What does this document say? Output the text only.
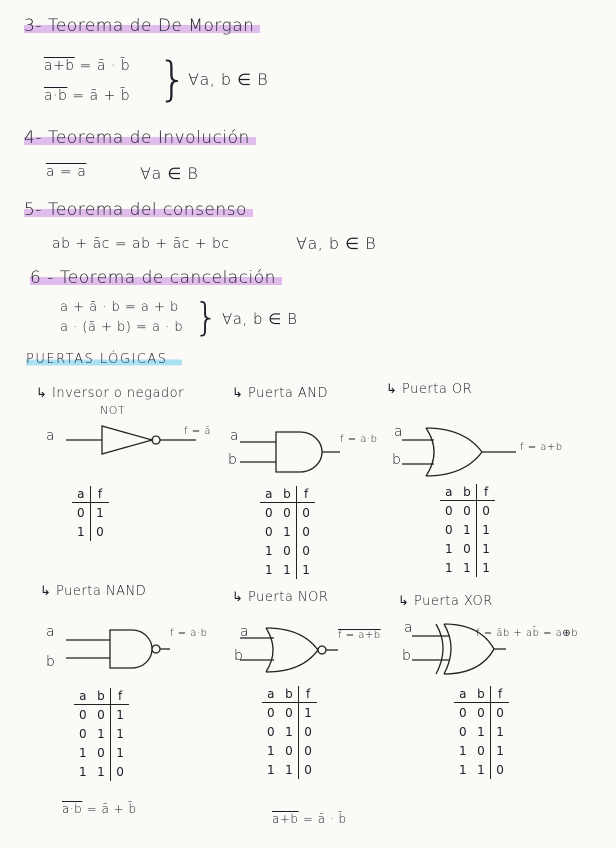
3- Teorema de De Morgan
a+b = ā · b̄
a·b = ā + b̄ } ∀a, b ∈ B
4- Teorema de Involución
a = a	∀a ∈ B
5- Teorema del consenso
ab + āc = ab + āc + bc	∀a, b ∈ B
6 - Teorema de cancelación
a + ā · b = a + b
a · (ā + b) = a · b } ∀a, b ∈ B
PUERTAS LÓGICAS
↳ Inversor o negador
NOT
a	f = ā
a	f
0	1
1	0
↳ Puerta AND
a
b
f = a·b
a	b	f
0	0	0
0	1	0
1	0	0
1	1	1
↳ Puerta OR
a
b
f = a+b
a	b	f
0	0	0
0	1	1
1	0	1
1	1	1
↳ Puerta NAND
a
b
f = a·b
a	b	f
0	0	1
0	1	1
1	0	1
1	1	0
a·b = ā + b̄
↳ Puerta NOR
a
b
f = a+b
a	b	f
0	0	1
0	1	0
1	0	0
1	1	0
a+b = ā · b̄
↳ Puerta XOR
a
b
f = āb + ab̄ = a⊕b
a	b	f
0	0	0
0	1	1
1	0	1
1	1	0
